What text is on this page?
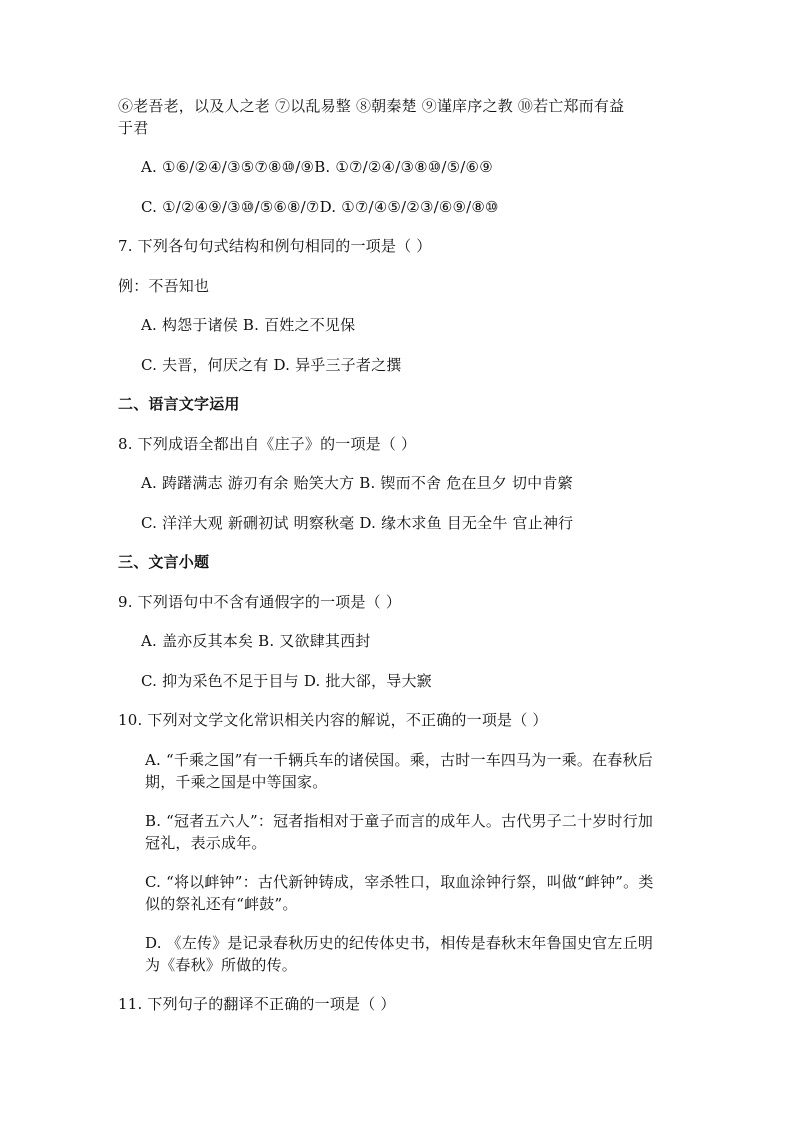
⑥老吾老，以及人之老 ⑦以乱易整 ⑧朝秦楚 ⑨谨庠序之教 ⑩若亡郑而有益
于君
A. ①⑥/②④/③⑤⑦⑧⑩/⑨B. ①⑦/②④/③⑧⑩/⑤/⑥⑨
C. ①/②④⑨/③⑩/⑤⑥⑧/⑦D. ①⑦/④⑤/②③/⑥⑨/⑧⑩
7. 下列各句句式结构和例句相同的一项是（ ）
例：不吾知也
A. 构怨于诸侯 B. 百姓之不见保
C. 夫晋，何厌之有 D. 异乎三子者之撰
二、语言文字运用
8. 下列成语全都出自《庄子》的一项是（ ）
A. 踌躇满志 游刃有余 贻笑大方 B. 锲而不舍 危在旦夕 切中肯綮
C. 洋洋大观 新硎初试 明察秋毫 D. 缘木求鱼 目无全牛 官止神行
三、文言小题
9. 下列语句中不含有通假字的一项是（ ）
A. 盖亦反其本矣 B. 又欲肆其西封
C. 抑为采色不足于目与 D. 批大郤，导大窾
10. 下列对文学文化常识相关内容的解说，不正确的一项是（ ）
A. “千乘之国”有一千辆兵车的诸侯国。乘，古时一车四马为一乘。在春秋后
期，千乘之国是中等国家。
B. “冠者五六人”：冠者指相对于童子而言的成年人。古代男子二十岁时行加
冠礼，表示成年。
C. “将以衅钟”：古代新钟铸成，宰杀牲口，取血涂钟行祭，叫做“衅钟”。类
似的祭礼还有“衅鼓”。
D. 《左传》是记录春秋历史的纪传体史书，相传是春秋末年鲁国史官左丘明
为《春秋》所做的传。
11. 下列句子的翻译不正确的一项是（ ）
